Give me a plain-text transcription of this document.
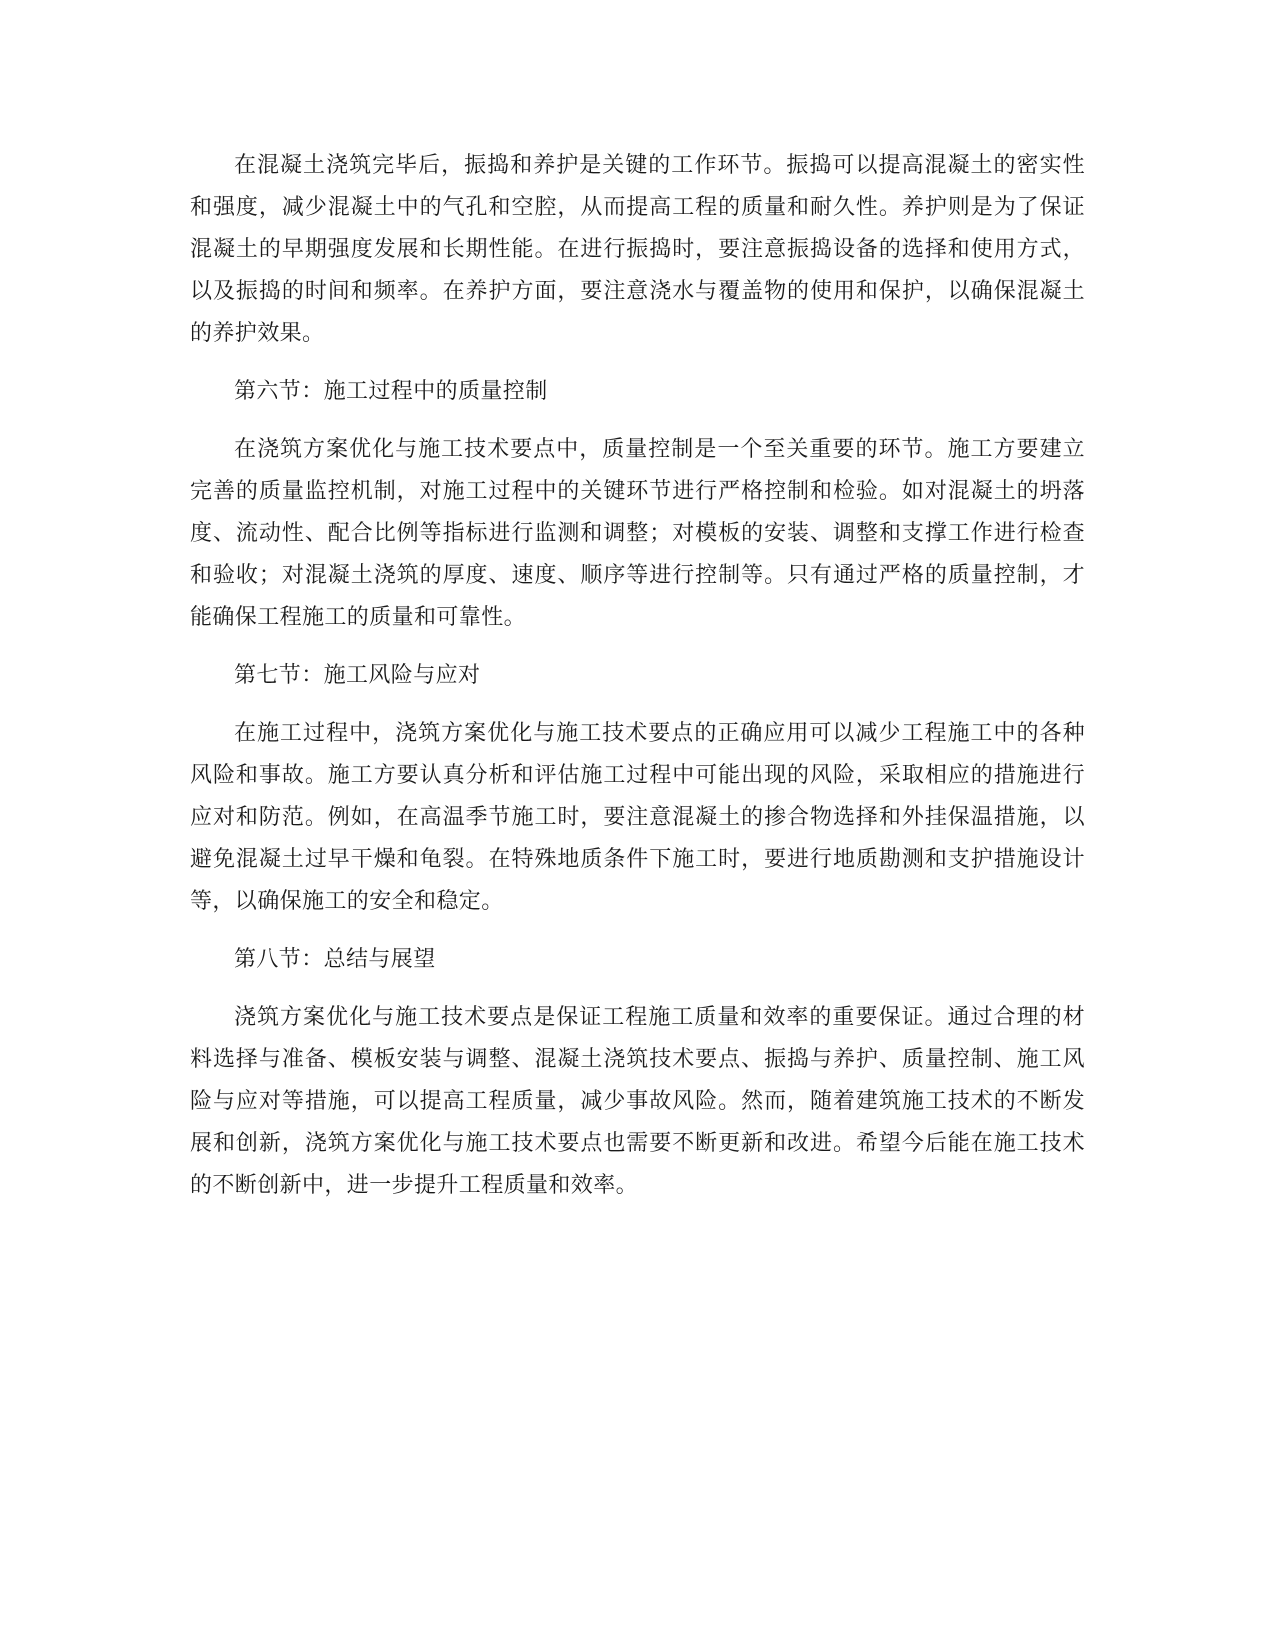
在混凝土浇筑完毕后，振捣和养护是关键的工作环节。振捣可以提高混凝土的密实性和强度，减少混凝土中的气孔和空腔，从而提高工程的质量和耐久性。养护则是为了保证混凝土的早期强度发展和长期性能。在进行振捣时，要注意振捣设备的选择和使用方式，以及振捣的时间和频率。在养护方面，要注意浇水与覆盖物的使用和保护，以确保混凝土的养护效果。

第六节：施工过程中的质量控制

在浇筑方案优化与施工技术要点中，质量控制是一个至关重要的环节。施工方要建立完善的质量监控机制，对施工过程中的关键环节进行严格控制和检验。如对混凝土的坍落度、流动性、配合比例等指标进行监测和调整；对模板的安装、调整和支撑工作进行检查和验收；对混凝土浇筑的厚度、速度、顺序等进行控制等。只有通过严格的质量控制，才能确保工程施工的质量和可靠性。

第七节：施工风险与应对

在施工过程中，浇筑方案优化与施工技术要点的正确应用可以减少工程施工中的各种风险和事故。施工方要认真分析和评估施工过程中可能出现的风险，采取相应的措施进行应对和防范。例如，在高温季节施工时，要注意混凝土的掺合物选择和外挂保温措施，以避免混凝土过早干燥和龟裂。在特殊地质条件下施工时，要进行地质勘测和支护措施设计等，以确保施工的安全和稳定。

第八节：总结与展望

浇筑方案优化与施工技术要点是保证工程施工质量和效率的重要保证。通过合理的材料选择与准备、模板安装与调整、混凝土浇筑技术要点、振捣与养护、质量控制、施工风险与应对等措施，可以提高工程质量，减少事故风险。然而，随着建筑施工技术的不断发展和创新，浇筑方案优化与施工技术要点也需要不断更新和改进。希望今后能在施工技术的不断创新中，进一步提升工程质量和效率。
